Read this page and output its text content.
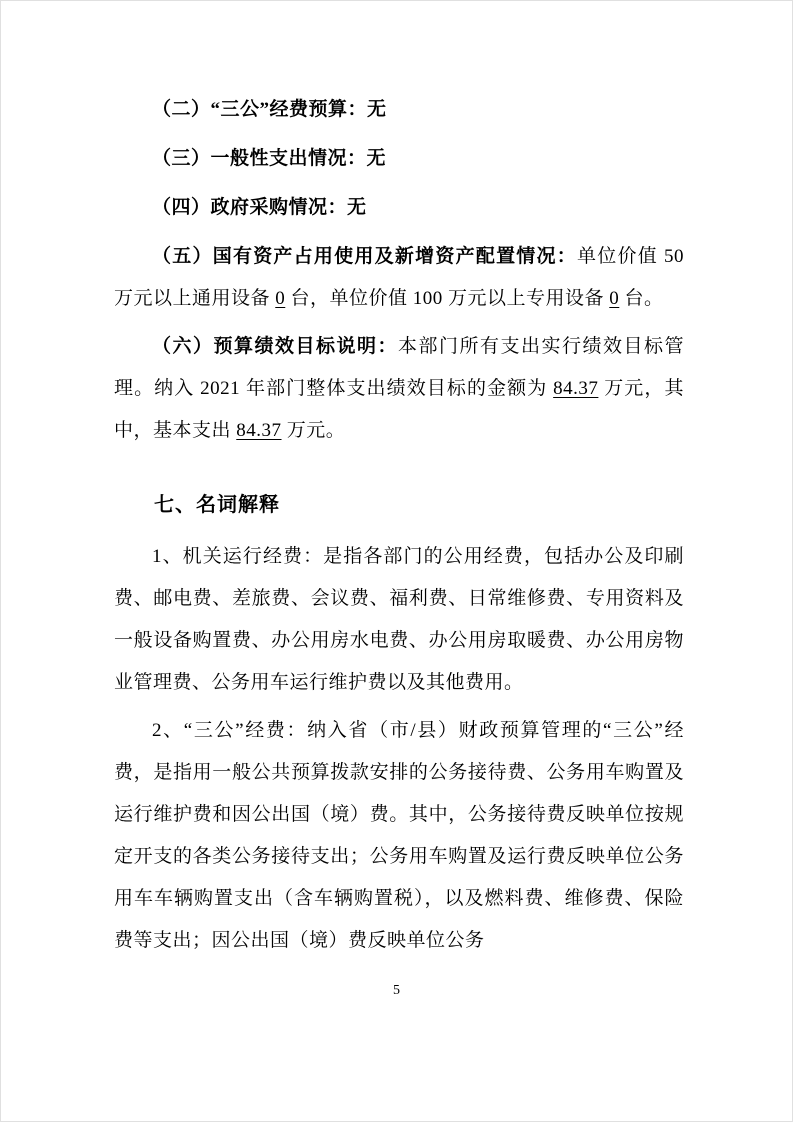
（二）“三公”经费预算：无

（三）一般性支出情况：无

（四）政府采购情况：无

（五）国有资产占用使用及新增资产配置情况：单位价值 50 万元以上通用设备 0 台，单位价值 100 万元以上专用设备 0 台。

（六）预算绩效目标说明：本部门所有支出实行绩效目标管理。纳入 2021 年部门整体支出绩效目标的金额为 84.37 万元，其中，基本支出 84.37 万元。

七、名词解释

1、机关运行经费：是指各部门的公用经费，包括办公及印刷费、邮电费、差旅费、会议费、福利费、日常维修费、专用资料及一般设备购置费、办公用房水电费、办公用房取暖费、办公用房物业管理费、公务用车运行维护费以及其他费用。

2、“三公”经费：纳入省（市/县）财政预算管理的“三公”经费，是指用一般公共预算拨款安排的公务接待费、公务用车购置及运行维护费和因公出国（境）费。其中，公务接待费反映单位按规定开支的各类公务接待支出；公务用车购置及运行费反映单位公务用车车辆购置支出（含车辆购置税），以及燃料费、维修费、保险费等支出；因公出国（境）费反映单位公务

5
